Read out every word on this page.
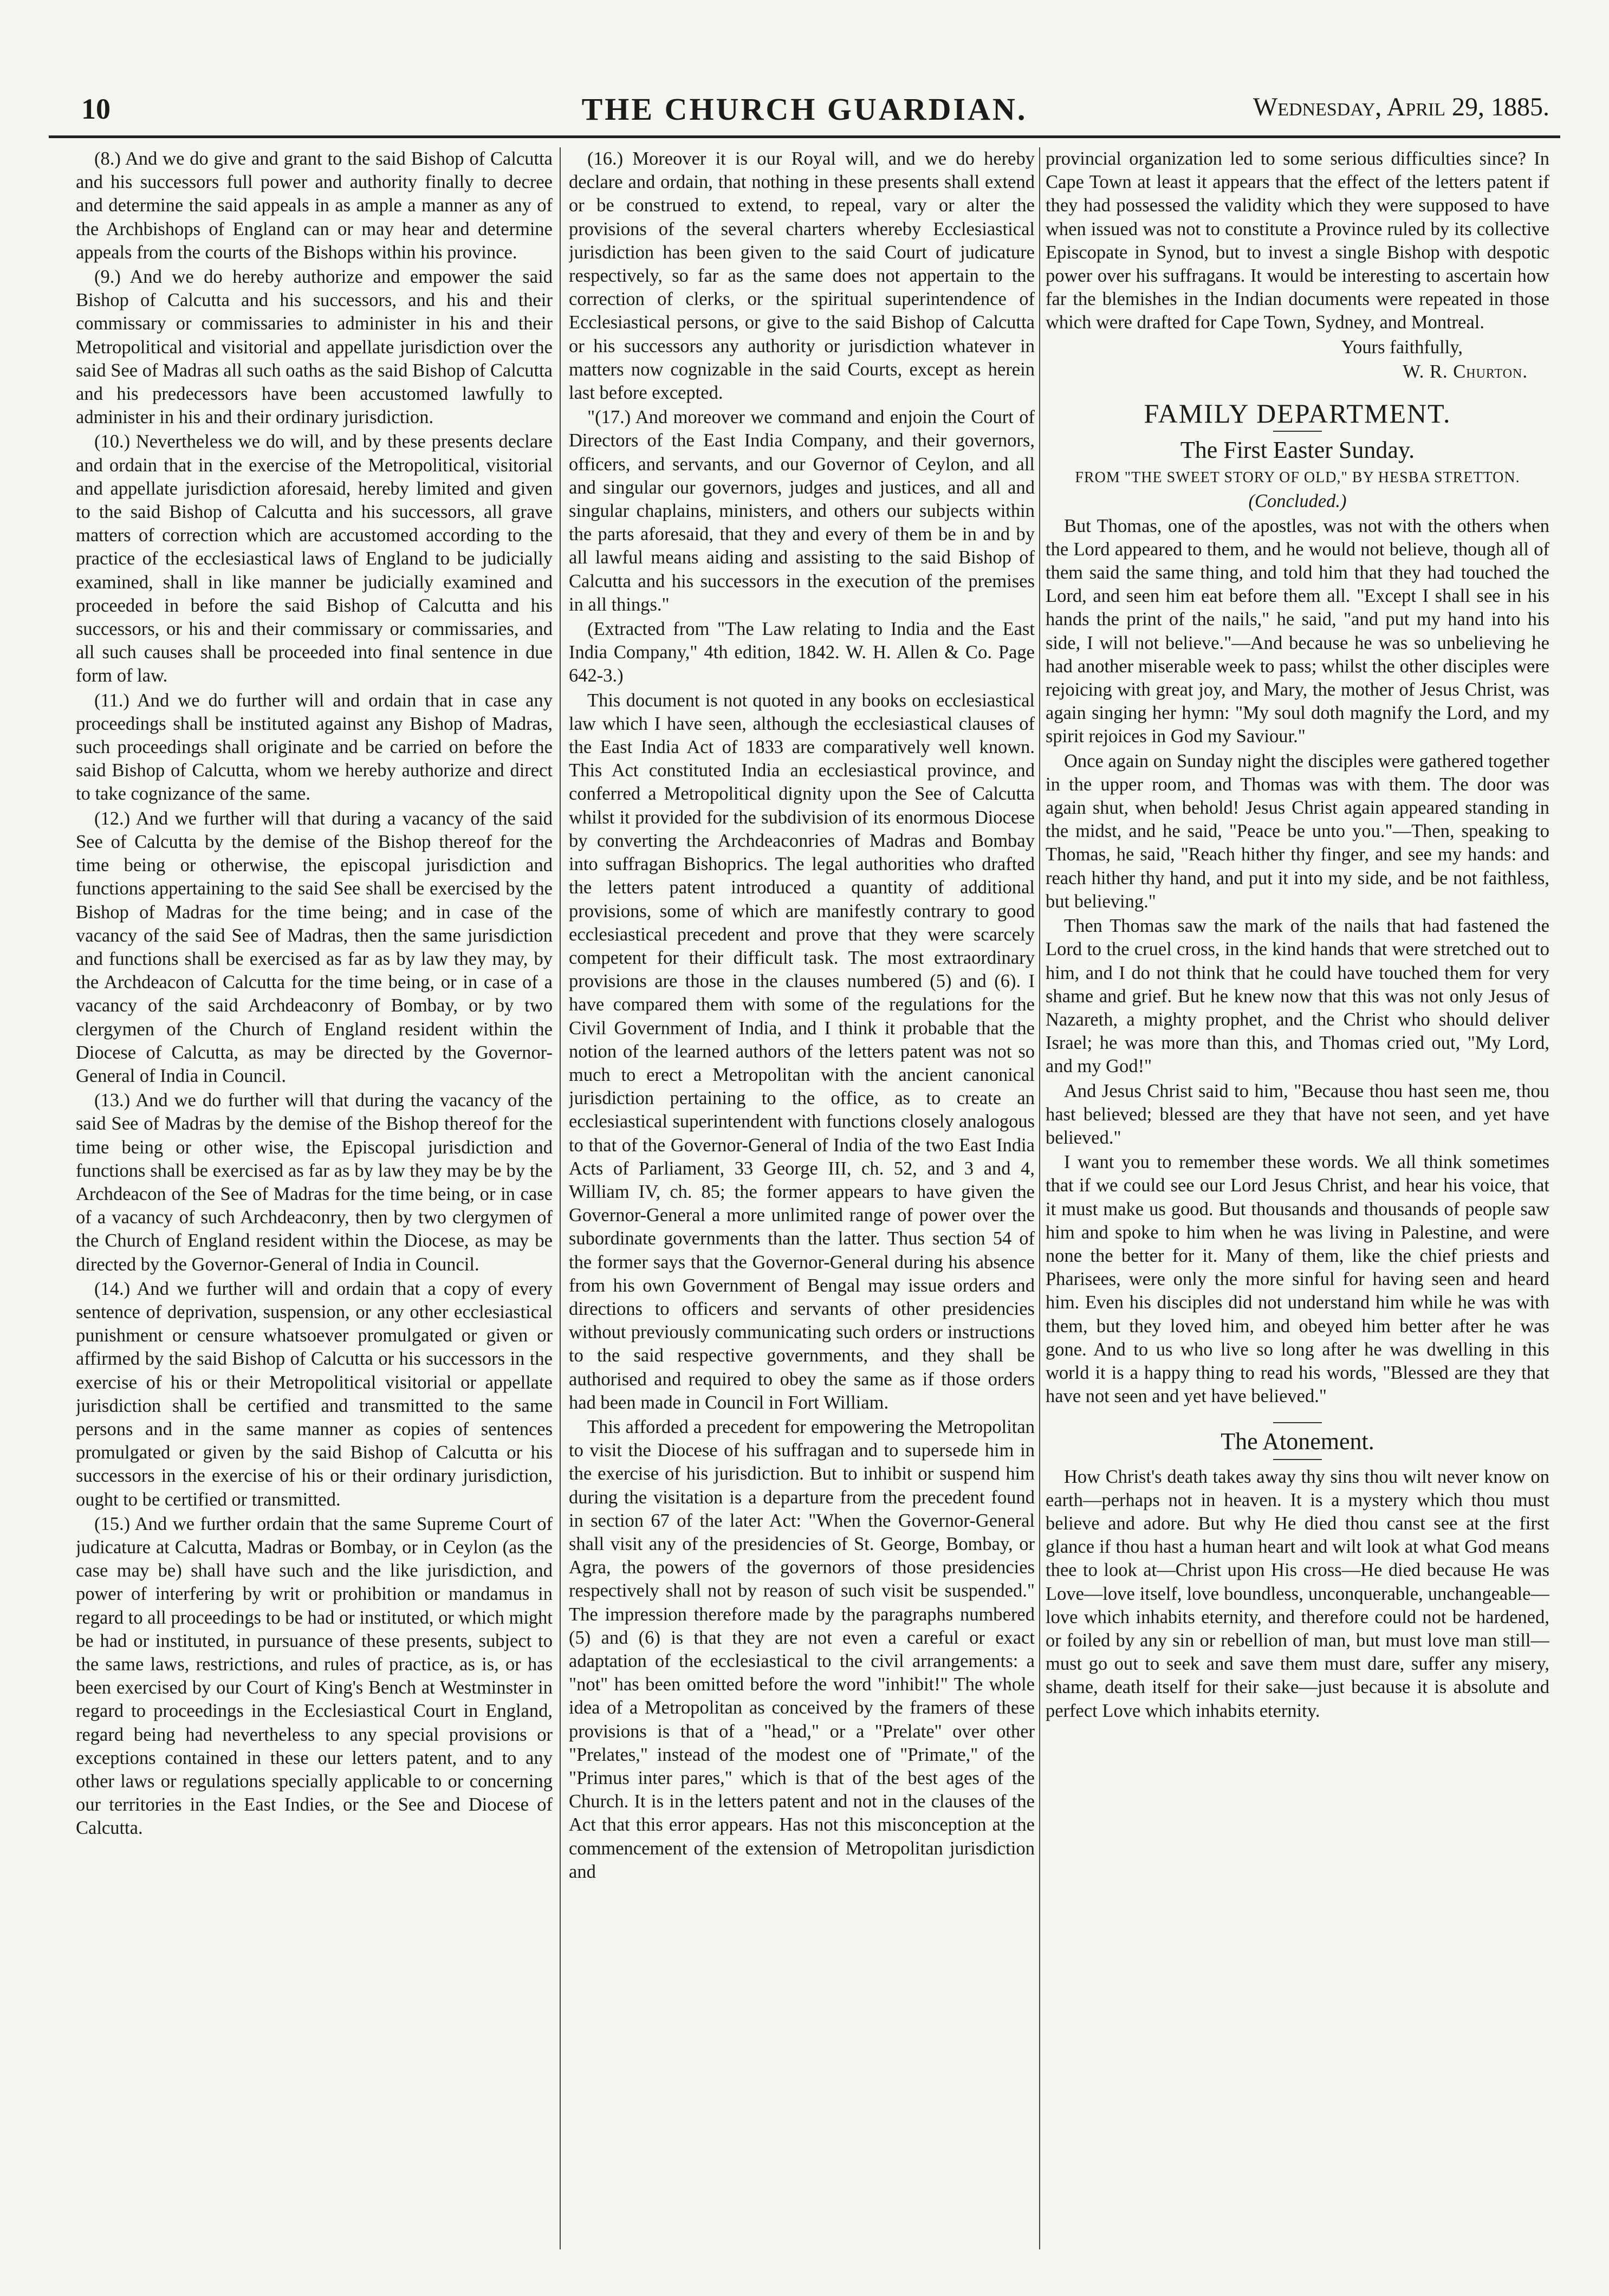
10	THE CHURCH GUARDIAN.	Wednesday, April 29, 1885.

(8.) And we do give and grant to the said Bishop of Calcutta and his successors full power and authority finally to decree and determine the said appeals in as ample a manner as any of the Archbishops of England can or may hear and determine appeals from the courts of the Bishops within his province.

(9.) And we do hereby authorize and empower the said Bishop of Calcutta and his successors, and his and their commissary or commissaries to administer in his and their Metropolitical and visitorial and appellate jurisdiction over the said See of Madras all such oaths as the said Bishop of Calcutta and his predecessors have been accustomed lawfully to administer in his and their ordinary jurisdiction.

(10.) Nevertheless we do will, and by these presents declare and ordain that in the exercise of the Metropolitical, visitorial and appellate jurisdiction aforesaid, hereby limited and given to the said Bishop of Calcutta and his successors, all grave matters of correction which are accustomed according to the practice of the ecclesiastical laws of England to be judicially examined, shall in like manner be judicially examined and proceeded in before the said Bishop of Calcutta and his successors, or his and their commissary or commissaries, and all such causes shall be proceeded into final sentence in due form of law.

(11.) And we do further will and ordain that in case any proceedings shall be instituted against any Bishop of Madras, such proceedings shall originate and be carried on before the said Bishop of Calcutta, whom we hereby authorize and direct to take cognizance of the same.

(12.) And we further will that during a vacancy of the said See of Calcutta by the demise of the Bishop thereof for the time being or otherwise, the episcopal jurisdiction and functions appertaining to the said See shall be exercised by the Bishop of Madras for the time being; and in case of the vacancy of the said See of Madras, then the same jurisdiction and functions shall be exercised as far as by law they may, by the Archdeacon of Calcutta for the time being, or in case of a vacancy of the said Archdeaconry of Bombay, or by two clergymen of the Church of England resident within the Diocese of Calcutta, as may be directed by the Governor-General of India in Council.

(13.) And we do further will that during the vacancy of the said See of Madras by the demise of the Bishop thereof for the time being or other wise, the Episcopal jurisdiction and functions shall be exercised as far as by law they may be by the Archdeacon of the See of Madras for the time being, or in case of a vacancy of such Archdeaconry, then by two clergymen of the Church of England resident within the Diocese, as may be directed by the Governor-General of India in Council.

(14.) And we further will and ordain that a copy of every sentence of deprivation, suspension, or any other ecclesiastical punishment or censure whatsoever promulgated or given or affirmed by the said Bishop of Calcutta or his successors in the exercise of his or their Metropolitical visitorial or appellate jurisdiction shall be certified and transmitted to the same persons and in the same manner as copies of sentences promulgated or given by the said Bishop of Calcutta or his successors in the exercise of his or their ordinary jurisdiction, ought to be certified or transmitted.

(15.) And we further ordain that the same Supreme Court of judicature at Calcutta, Madras or Bombay, or in Ceylon (as the case may be) shall have such and the like jurisdiction, and power of interfering by writ or prohibition or mandamus in regard to all proceedings to be had or instituted, or which might be had or instituted, in pursuance of these presents, subject to the same laws, restrictions, and rules of practice, as is, or has been exercised by our Court of King's Bench at Westminster in regard to proceedings in the Ecclesiastical Court in England, regard being had nevertheless to any special provisions or exceptions contained in these our letters patent, and to any other laws or regulations specially applicable to or concerning our territories in the East Indies, or the See and Diocese of Calcutta.

(16.) Moreover it is our Royal will, and we do hereby declare and ordain, that nothing in these presents shall extend or be construed to extend, to repeal, vary or alter the provisions of the several charters whereby Ecclesiastical jurisdiction has been given to the said Court of judicature respectively, so far as the same does not appertain to the correction of clerks, or the spiritual superintendence of Ecclesiastical persons, or give to the said Bishop of Calcutta or his successors any authority or jurisdiction whatever in matters now cognizable in the said Courts, except as herein last before excepted.

"(17.) And moreover we command and enjoin the Court of Directors of the East India Company, and their governors, officers, and servants, and our Governor of Ceylon, and all and singular our governors, judges and justices, and all and singular chaplains, ministers, and others our subjects within the parts aforesaid, that they and every of them be in and by all lawful means aiding and assisting to the said Bishop of Calcutta and his successors in the execution of the premises in all things."

(Extracted from "The Law relating to India and the East India Company," 4th edition, 1842. W. H. Allen & Co. Page 642-3.)

This document is not quoted in any books on ecclesiastical law which I have seen, although the ecclesiastical clauses of the East India Act of 1833 are comparatively well known. This Act constituted India an ecclesiastical province, and conferred a Metropolitical dignity upon the See of Calcutta whilst it provided for the subdivision of its enormous Diocese by converting the Archdeaconries of Madras and Bombay into suffragan Bishoprics. The legal authorities who drafted the letters patent introduced a quantity of additional provisions, some of which are manifestly contrary to good ecclesiastical precedent and prove that they were scarcely competent for their difficult task. The most extraordinary provisions are those in the clauses numbered (5) and (6). I have compared them with some of the regulations for the Civil Government of India, and I think it probable that the notion of the learned authors of the letters patent was not so much to erect a Metropolitan with the ancient canonical jurisdiction pertaining to the office, as to create an ecclesiastical superintendent with functions closely analogous to that of the Governor-General of India of the two East India Acts of Parliament, 33 George III, ch. 52, and 3 and 4, William IV, ch. 85; the former appears to have given the Governor-General a more unlimited range of power over the subordinate governments than the latter. Thus section 54 of the former says that the Governor-General during his absence from his own Government of Bengal may issue orders and directions to officers and servants of other presidencies without previously communicating such orders or instructions to the said respective governments, and they shall be authorised and required to obey the same as if those orders had been made in Council in Fort William.

This afforded a precedent for empowering the Metropolitan to visit the Diocese of his suffragan and to supersede him in the exercise of his jurisdiction. But to inhibit or suspend him during the visitation is a departure from the precedent found in section 67 of the later Act: "When the Governor-General shall visit any of the presidencies of St. George, Bombay, or Agra, the powers of the governors of those presidencies respectively shall not by reason of such visit be suspended." The impression therefore made by the paragraphs numbered (5) and (6) is that they are not even a careful or exact adaptation of the ecclesiastical to the civil arrangements: a "not" has been omitted before the word "inhibit!" The whole idea of a Metropolitan as conceived by the framers of these provisions is that of a "head," or a "Prelate" over other "Prelates," instead of the modest one of "Primate," of the "Primus inter pares," which is that of the best ages of the Church. It is in the letters patent and not in the clauses of the Act that this error appears. Has not this misconception at the commencement of the extension of Metropolitan jurisdiction and

provincial organization led to some serious difficulties since? In Cape Town at least it appears that the effect of the letters patent if they had possessed the validity which they were supposed to have when issued was not to constitute a Province ruled by its collective Episcopate in Synod, but to invest a single Bishop with despotic power over his suffragans. It would be interesting to ascertain how far the blemishes in the Indian documents were repeated in those which were drafted for Cape Town, Sydney, and Montreal.

Yours faithfully,

W. R. Churton.

FAMILY DEPARTMENT.
The First Easter Sunday.

FROM "THE SWEET STORY OF OLD," BY HESBA STRETTON.

(Concluded.)

But Thomas, one of the apostles, was not with the others when the Lord appeared to them, and he would not believe, though all of them said the same thing, and told him that they had touched the Lord, and seen him eat before them all. "Except I shall see in his hands the print of the nails," he said, "and put my hand into his side, I will not believe."—And because he was so unbelieving he had another miserable week to pass; whilst the other disciples were rejoicing with great joy, and Mary, the mother of Jesus Christ, was again singing her hymn: "My soul doth magnify the Lord, and my spirit rejoices in God my Saviour."

Once again on Sunday night the disciples were gathered together in the upper room, and Thomas was with them. The door was again shut, when behold! Jesus Christ again appeared standing in the midst, and he said, "Peace be unto you."—Then, speaking to Thomas, he said, "Reach hither thy finger, and see my hands: and reach hither thy hand, and put it into my side, and be not faithless, but believing."

Then Thomas saw the mark of the nails that had fastened the Lord to the cruel cross, in the kind hands that were stretched out to him, and I do not think that he could have touched them for very shame and grief. But he knew now that this was not only Jesus of Nazareth, a mighty prophet, and the Christ who should deliver Israel; he was more than this, and Thomas cried out, "My Lord, and my God!"

And Jesus Christ said to him, "Because thou hast seen me, thou hast believed; blessed are they that have not seen, and yet have believed."

I want you to remember these words. We all think sometimes that if we could see our Lord Jesus Christ, and hear his voice, that it must make us good. But thousands and thousands of people saw him and spoke to him when he was living in Palestine, and were none the better for it. Many of them, like the chief priests and Pharisees, were only the more sinful for having seen and heard him. Even his disciples did not understand him while he was with them, but they loved him, and obeyed him better after he was gone. And to us who live so long after he was dwelling in this world it is a happy thing to read his words, "Blessed are they that have not seen and yet have believed."

The Atonement.

How Christ's death takes away thy sins thou wilt never know on earth—perhaps not in heaven. It is a mystery which thou must believe and adore. But why He died thou canst see at the first glance if thou hast a human heart and wilt look at what God means thee to look at—Christ upon His cross—He died because He was Love—love itself, love boundless, unconquerable, unchangeable—love which inhabits eternity, and therefore could not be hardened, or foiled by any sin or rebellion of man, but must love man still—must go out to seek and save them must dare, suffer any misery, shame, death itself for their sake—just because it is absolute and perfect Love which inhabits eternity.
